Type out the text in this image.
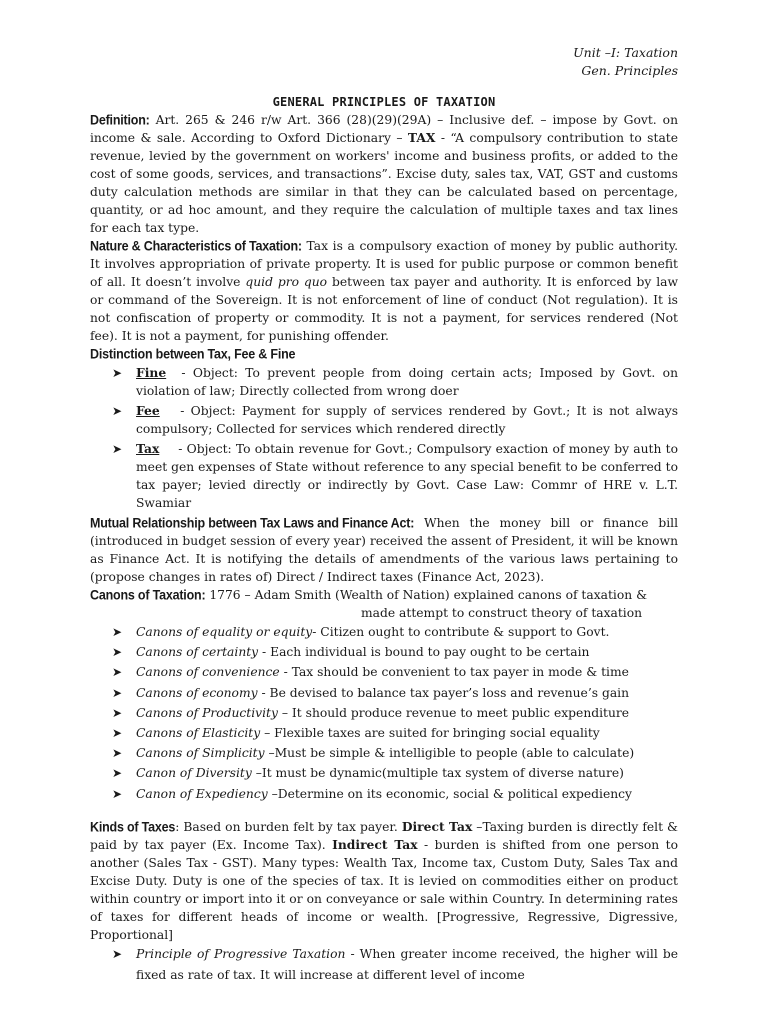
Unit –I: Taxation
Gen. Principles
GENERAL PRINCIPLES OF TAXATION

Definition: Art. 265 & 246 r/w Art. 366 (28)(29)(29A) – Inclusive def. – impose by Govt. on income & sale. According to Oxford Dictionary – TAX - “A compulsory contribution to state revenue, levied by the government on workers' income and business profits, or added to the cost of some goods, services, and transactions”. Excise duty, sales tax, VAT, GST and customs duty calculation methods are similar in that they can be calculated based on percentage, quantity, or ad hoc amount, and they require the calculation of multiple taxes and tax lines for each tax type.

Nature & Characteristics of Taxation: Tax is a compulsory exaction of money by public authority. It involves appropriation of private property. It is used for public purpose or common benefit of all. It doesn’t involve quid pro quo between tax payer and authority. It is enforced by law or command of the Sovereign. It is not enforcement of line of conduct (Not regulation). It is not confiscation of property or commodity. It is not a payment, for services rendered (Not fee). It is not a payment, for punishing offender.

Distinction between Tax, Fee & Fine

➤ Fine - Object: To prevent people from doing certain acts; Imposed by Govt. on violation of law; Directly collected from wrong doer
➤ Fee - Object: Payment for supply of services rendered by Govt.; It is not always compulsory; Collected for services which rendered directly
➤ Tax - Object: To obtain revenue for Govt.; Compulsory exaction of money by auth to meet gen expenses of State without reference to any special benefit to be conferred to tax payer; levied directly or indirectly by Govt. Case Law: Commr of HRE v. L.T. Swamiar

Mutual Relationship between Tax Laws and Finance Act: When the money bill or finance bill (introduced in budget session of every year) received the assent of President, it will be known as Finance Act. It is notifying the details of amendments of the various laws pertaining to (propose changes in rates of) Direct / Indirect taxes (Finance Act, 2023).

Canons of Taxation: 1776 – Adam Smith (Wealth of Nation) explained canons of taxation &

made attempt to construct theory of taxation

➤ Canons of equality or equity- Citizen ought to contribute & support to Govt.
➤ Canons of certainty - Each individual is bound to pay ought to be certain
➤ Canons of convenience - Tax should be convenient to tax payer in mode & time
➤ Canons of economy - Be devised to balance tax payer’s loss and revenue’s gain
➤ Canons of Productivity – It should produce revenue to meet public expenditure
➤ Canons of Elasticity – Flexible taxes are suited for bringing social equality
➤ Canons of Simplicity –Must be simple & intelligible to people (able to calculate)
➤ Canon of Diversity –It must be dynamic(multiple tax system of diverse nature)
➤ Canon of Expediency –Determine on its economic, social & political expediency

Kinds of Taxes: Based on burden felt by tax payer. Direct Tax –Taxing burden is directly felt & paid by tax payer (Ex. Income Tax). Indirect Tax - burden is shifted from one person to another (Sales Tax - GST). Many types: Wealth Tax, Income tax, Custom Duty, Sales Tax and Excise Duty. Duty is one of the species of tax. It is levied on commodities either on product within country or import into it or on conveyance or sale within Country. In determining rates of taxes for different heads of income or wealth. [Progressive, Regressive, Digressive, Proportional]

➤ Principle of Progressive Taxation - When greater income received, the higher will be fixed as rate of tax. It will increase at different level of income
